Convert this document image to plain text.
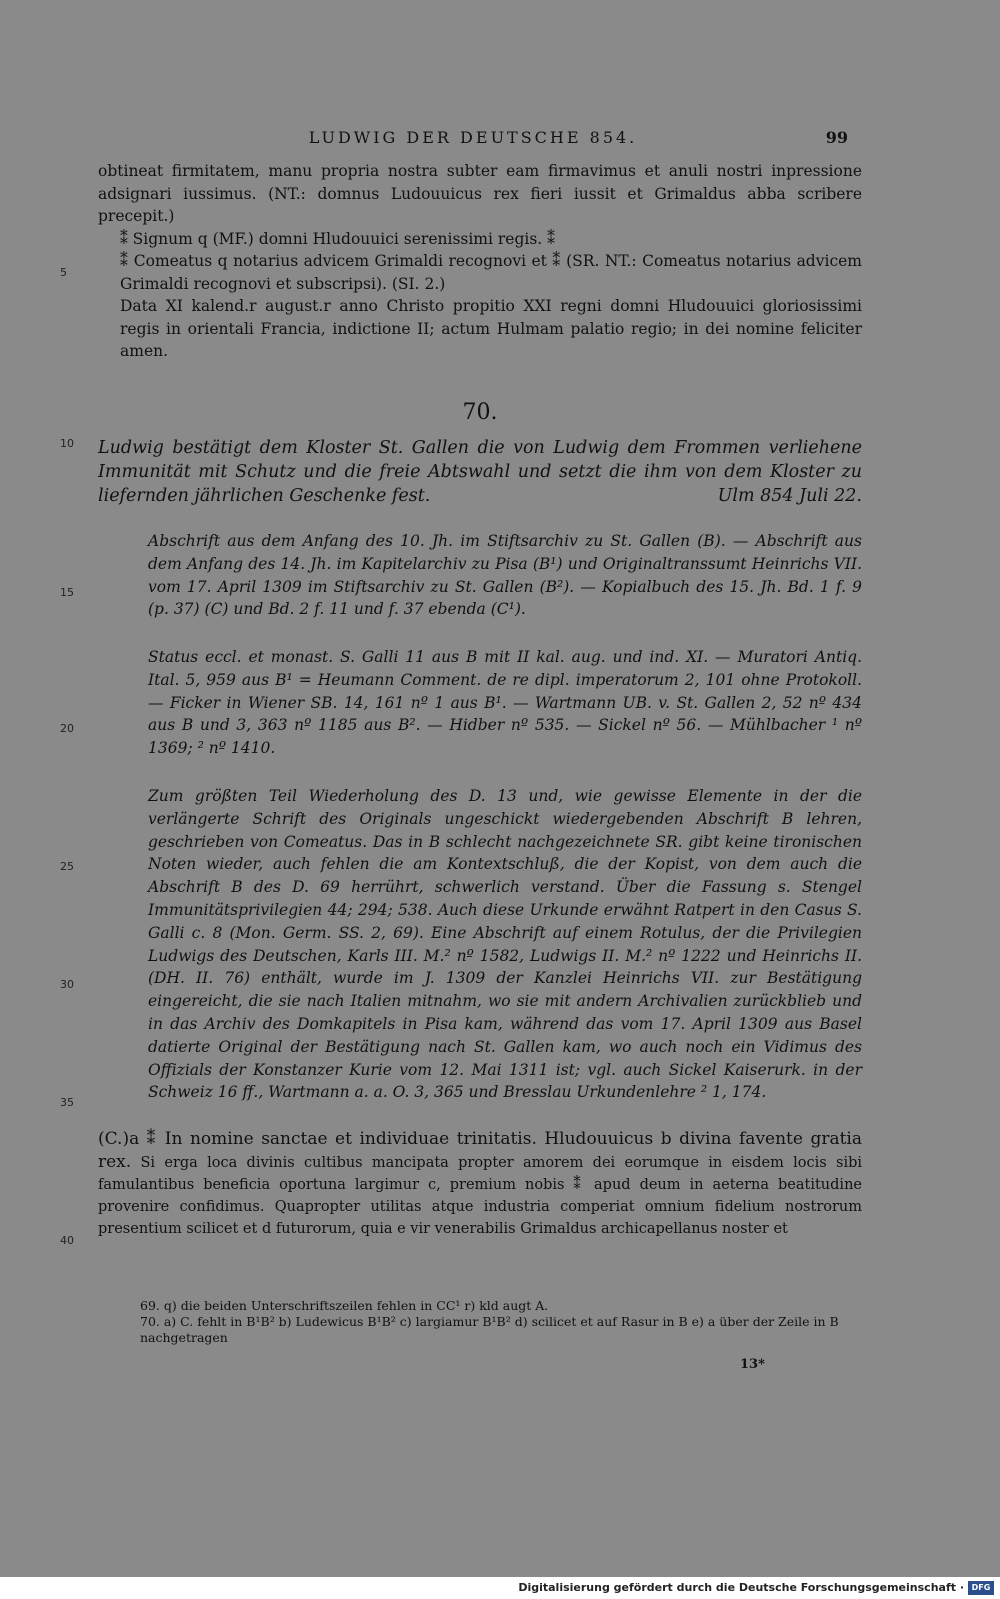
LUDWIG DER DEUTSCHE 854.	99

obtineat firmitatem, manu propria nostra subter eam firmavimus et anuli nostri inpressione adsignari iussimus. (NT.: domnus Ludouuicus rex fieri iussit et Grimaldus abba scribere precepit.)

⁑ Signum q (MF.) domni Hludouuici serenissimi regis. ⁑

⁑ Comeatus q notarius advicem Grimaldi recognovi et ⁑ (SR. NT.: Comeatus notarius advicem Grimaldi recognovi et subscripsi). (SI. 2.)

Data XI kalend.r august.r anno Christo propitio XXI regni domni Hludouuici gloriosissimi regis in orientali Francia, indictione II; actum Hulmam palatio regio; in dei nomine feliciter amen.

5
10
15
20
25
30
35
40
70.

Ludwig bestätigt dem Kloster St. Gallen die von Ludwig dem Frommen verliehene Immunität mit Schutz und die freie Abtswahl und setzt die ihm von dem Kloster zu liefernden jährlichen Geschenke fest.	Ulm 854 Juli 22.

Abschrift aus dem Anfang des 10. Jh. im Stiftsarchiv zu St. Gallen (B). — Abschrift aus dem Anfang des 14. Jh. im Kapitelarchiv zu Pisa (B¹) und Originaltranssumt Heinrichs VII. vom 17. April 1309 im Stiftsarchiv zu St. Gallen (B²). — Kopialbuch des 15. Jh. Bd. 1 f. 9 (p. 37) (C) und Bd. 2 f. 11 und f. 37 ebenda (C¹).

Status eccl. et monast. S. Galli 11 aus B mit II kal. aug. und ind. XI. — Muratori Antiq. Ital. 5, 959 aus B¹ = Heumann Comment. de re dipl. imperatorum 2, 101 ohne Protokoll. — Ficker in Wiener SB. 14, 161 nº 1 aus B¹. — Wartmann UB. v. St. Gallen 2, 52 nº 434 aus B und 3, 363 nº 1185 aus B². — Hidber nº 535. — Sickel nº 56. — Mühlbacher ¹ nº 1369; ² nº 1410.

Zum größten Teil Wiederholung des D. 13 und, wie gewisse Elemente in der die verlängerte Schrift des Originals ungeschickt wiedergebenden Abschrift B lehren, geschrieben von Comeatus. Das in B schlecht nachgezeichnete SR. gibt keine tironischen Noten wieder, auch fehlen die am Kontextschluß, die der Kopist, von dem auch die Abschrift B des D. 69 herrührt, schwerlich verstand. Über die Fassung s. Stengel Immunitätsprivilegien 44; 294; 538. Auch diese Urkunde erwähnt Ratpert in den Casus S. Galli c. 8 (Mon. Germ. SS. 2, 69). Eine Abschrift auf einem Rotulus, der die Privilegien Ludwigs des Deutschen, Karls III. M.² nº 1582, Ludwigs II. M.² nº 1222 und Heinrichs II. (DH. II. 76) enthält, wurde im J. 1309 der Kanzlei Heinrichs VII. zur Bestätigung eingereicht, die sie nach Italien mitnahm, wo sie mit andern Archivalien zurückblieb und in das Archiv des Domkapitels in Pisa kam, während das vom 17. April 1309 aus Basel datierte Original der Bestätigung nach St. Gallen kam, wo auch noch ein Vidimus des Offizials der Konstanzer Kurie vom 12. Mai 1311 ist; vgl. auch Sickel Kaiserurk. in der Schweiz 16 ff., Wartmann a. a. O. 3, 365 und Bresslau Urkundenlehre ² 1, 174.

(C.)a ⁑ In nomine sanctae et individuae trinitatis. Hludouuicus b divina favente gratia rex. Si erga loca divinis cultibus mancipata propter amorem dei eorumque in eisdem locis sibi famulantibus beneficia oportuna largimur c, premium nobis ⁑ apud deum in aeterna beatitudine provenire confidimus. Quapropter utilitas atque industria comperiat omnium fidelium nostrorum presentium scilicet et d futurorum, quia e vir venerabilis Grimaldus archicapellanus noster et

69. q) die beiden Unterschriftszeilen fehlen in CC¹ r) kld augt A.

70. a) C. fehlt in B¹B² b) Ludewicus B¹B² c) largiamur B¹B² d) scilicet et auf Rasur in B e) a über der Zeile in B nachgetragen

13*
Digitalisierung gefördert durch die Deutsche Forschungsgemeinschaft · DFG
